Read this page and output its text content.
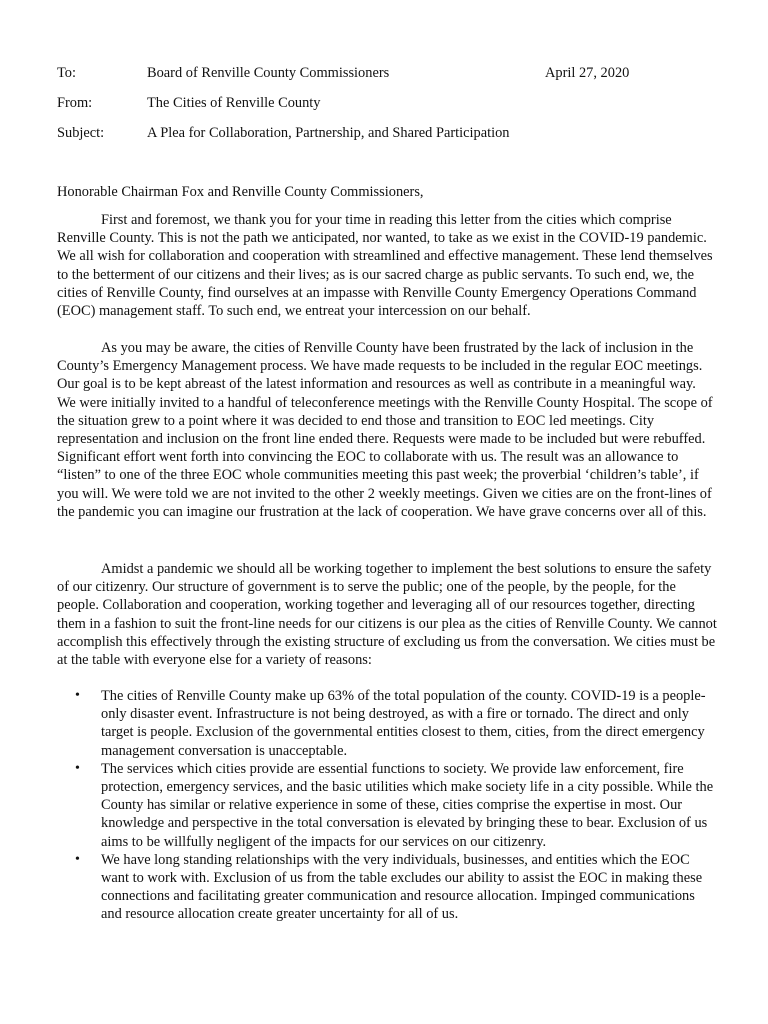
To:	Board of Renville County Commissioners	April 27, 2020
From:	The Cities of Renville County
Subject:	A Plea for Collaboration, Partnership, and Shared Participation
Honorable Chairman Fox and Renville County Commissioners,

First and foremost, we thank you for your time in reading this letter from the cities which comprise Renville County. This is not the path we anticipated, nor wanted, to take as we exist in the COVID-19 pandemic. We all wish for collaboration and cooperation with streamlined and effective management. These lend themselves to the betterment of our citizens and their lives; as is our sacred charge as public servants. To such end, we, the cities of Renville County, find ourselves at an impasse with Renville County Emergency Operations Command (EOC) management staff. To such end, we entreat your intercession on our behalf.

As you may be aware, the cities of Renville County have been frustrated by the lack of inclusion in the County’s Emergency Management process. We have made requests to be included in the regular EOC meetings. Our goal is to be kept abreast of the latest information and resources as well as contribute in a meaningful way. We were initially invited to a handful of teleconference meetings with the Renville County Hospital. The scope of the situation grew to a point where it was decided to end those and transition to EOC led meetings. City representation and inclusion on the front line ended there. Requests were made to be included but were rebuffed. Significant effort went forth into convincing the EOC to collaborate with us. The result was an allowance to “listen” to one of the three EOC whole communities meeting this past week; the proverbial ‘children’s table’, if you will. We were told we are not invited to the other 2 weekly meetings. Given we cities are on the front-lines of the pandemic you can imagine our frustration at the lack of cooperation. We have grave concerns over all of this.

Amidst a pandemic we should all be working together to implement the best solutions to ensure the safety of our citizenry. Our structure of government is to serve the public; one of the people, by the people, for the people. Collaboration and cooperation, working together and leveraging all of our resources together, directing them in a fashion to suit the front-line needs for our citizens is our plea as the cities of Renville County. We cannot accomplish this effectively through the existing structure of excluding us from the conversation. We cities must be at the table with everyone else for a variety of reasons:

• The cities of Renville County make up 63% of the total population of the county. COVID-19 is a people-only disaster event. Infrastructure is not being destroyed, as with a fire or tornado. The direct and only target is people. Exclusion of the governmental entities closest to them, cities, from the direct emergency management conversation is unacceptable.
• The services which cities provide are essential functions to society. We provide law enforcement, fire protection, emergency services, and the basic utilities which make society life in a city possible. While the County has similar or relative experience in some of these, cities comprise the expertise in most. Our knowledge and perspective in the total conversation is elevated by bringing these to bear. Exclusion of us aims to be willfully negligent of the impacts for our services on our citizenry.
• We have long standing relationships with the very individuals, businesses, and entities which the EOC want to work with. Exclusion of us from the table excludes our ability to assist the EOC in making these connections and facilitating greater communication and resource allocation. Impinged communications and resource allocation create greater uncertainty for all of us.
